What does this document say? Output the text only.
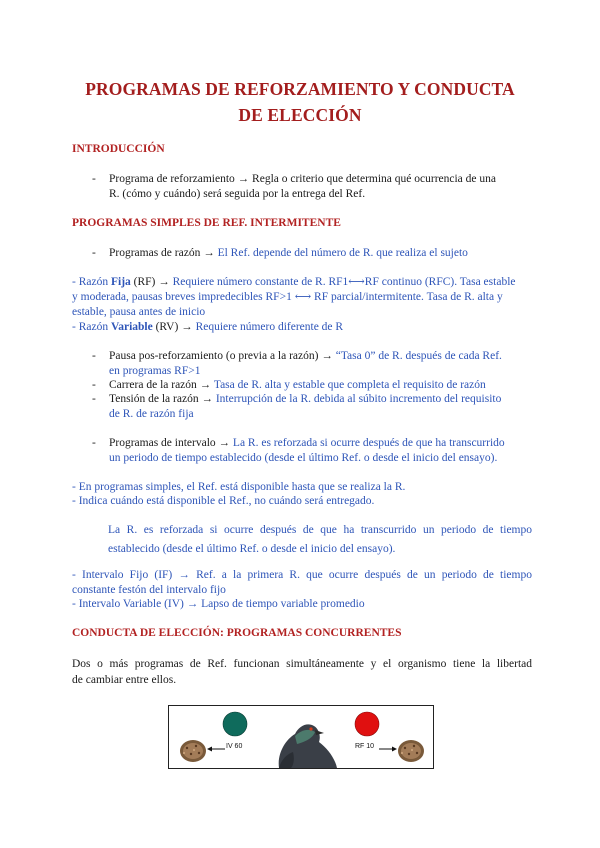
PROGRAMAS DE REFORZAMIENTO Y CONDUCTA
DE ELECCIÓN
INTRODUCCIÓN
- Programa de reforzamiento → Regla o criterio que determina qué ocurrencia de una
R. (cómo y cuándo) será seguida por la entrega del Ref.
PROGRAMAS SIMPLES DE REF. INTERMITENTE
- Programas de razón → El Ref. depende del número de R. que realiza el sujeto
- Razón Fija (RF) → Requiere número constante de R. RF1⟷RF continuo (RFC). Tasa estable
y moderada, pausas breves impredecibles RF>1 ⟷ RF parcial/intermitente. Tasa de R. alta y
estable, pausa antes de inicio
- Razón Variable (RV) → Requiere número diferente de R
- Pausa pos-reforzamiento (o previa a la razón) → “Tasa 0” de R. después de cada Ref.
en programas RF>1
- Carrera de la razón → Tasa de R. alta y estable que completa el requisito de razón
- Tensión de la razón → Interrupción de la R. debida al súbito incremento del requisito
de R. de razón fija
- Programas de intervalo → La R. es reforzada si ocurre después de que ha transcurrido
un periodo de tiempo establecido (desde el último Ref. o desde el inicio del ensayo).
- En programas simples, el Ref. está disponible hasta que se realiza la R.
- Indica cuándo está disponible el Ref., no cuándo será entregado.
La R. es reforzada si ocurre después de que ha transcurrido un periodo de tiempo
establecido (desde el último Ref. o desde el inicio del ensayo).
- Intervalo Fijo (IF) → Ref. a la primera R. que ocurre después de un periodo de tiempo
constante festón del intervalo fijo
- Intervalo Variable (IV) → Lapso de tiempo variable promedio
CONDUCTA DE ELECCIÓN: PROGRAMAS CONCURRENTES
Dos o más programas de Ref. funcionan simultáneamente y el organismo tiene la libertad
de cambiar entre ellos.
IV 60	RF 10
